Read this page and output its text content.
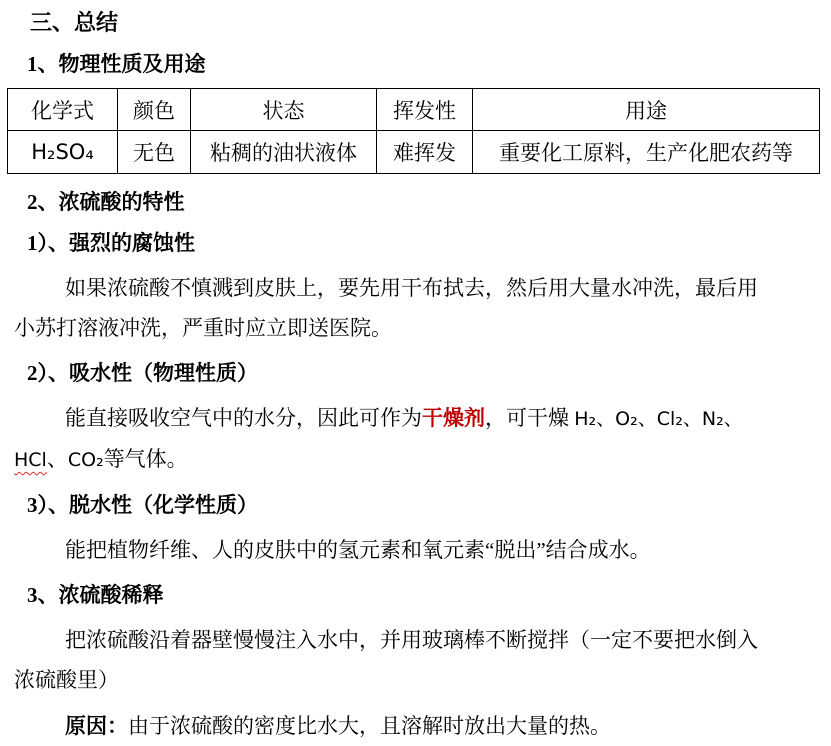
三、总结
1、物理性质及用途
化学式	颜色	状态	挥发性	用途
H₂SO₄	无色	粘稠的油状液体	难挥发	重要化工原料，生产化肥农药等
2、浓硫酸的特性
1）、强烈的腐蚀性
如果浓硫酸不慎溅到皮肤上，要先用干布拭去，然后用大量水冲洗，最后用
小苏打溶液冲洗，严重时应立即送医院。
2）、吸水性（物理性质）
能直接吸收空气中的水分，因此可作为干燥剂，可干燥 H₂、O₂、Cl₂、N₂、
HCl、CO₂等气体。
3）、脱水性（化学性质）
能把植物纤维、人的皮肤中的氢元素和氧元素“脱出”结合成水。
3、浓硫酸稀释
把浓硫酸沿着器壁慢慢注入水中，并用玻璃棒不断搅拌（一定不要把水倒入
浓硫酸里）
原因：由于浓硫酸的密度比水大，且溶解时放出大量的热。
